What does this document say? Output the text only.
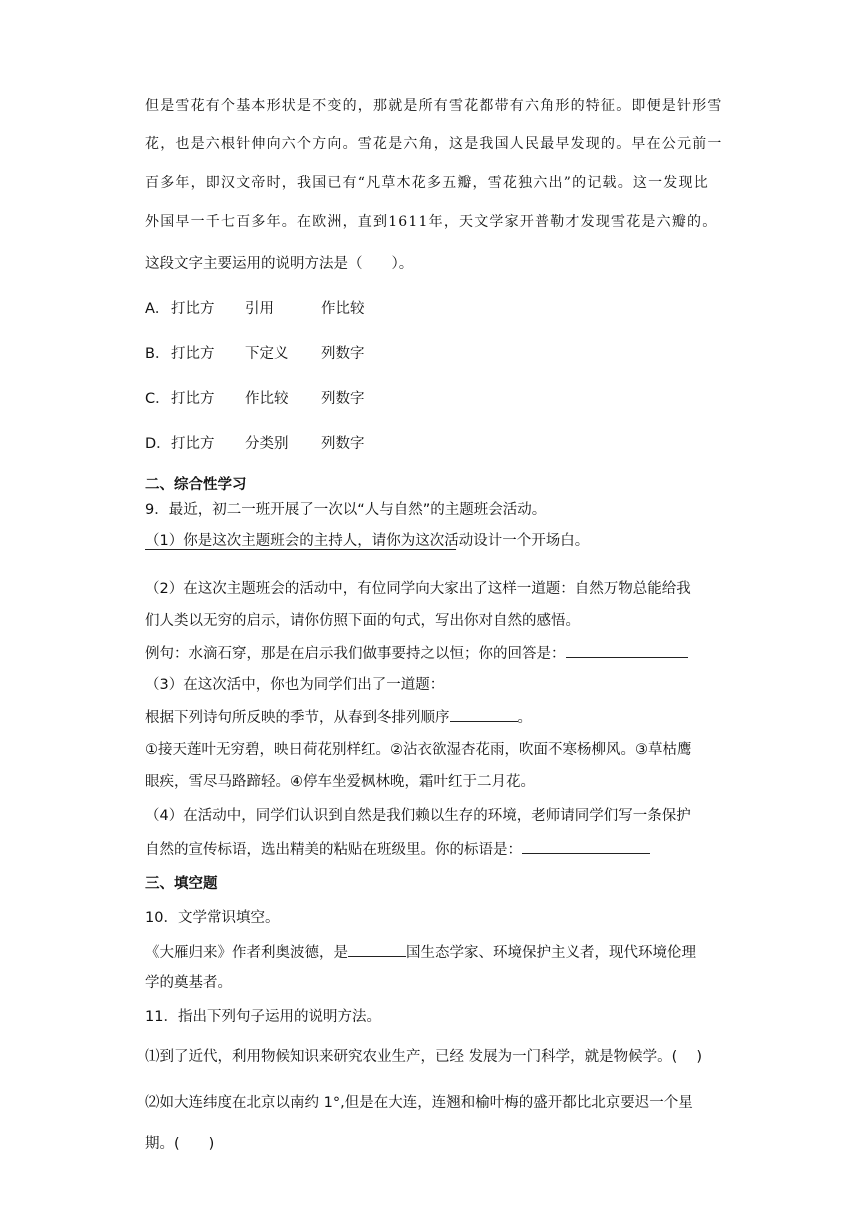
但是雪花有个基本形状是不变的，那就是所有雪花都带有六角形的特征。即便是针形雪
花，也是六根针伸向六个方向。雪花是六角，这是我国人民最早发现的。早在公元前一
百多年，即汉文帝时，我国已有“凡草木花多五瓣，雪花独六出”的记载。这一发现比
外国早一千七百多年。在欧洲，直到1611年，天文学家开普勒才发现雪花是六瓣的。
这段文字主要运用的说明方法是（　　）。
A． 打比方 引用	作比较
B． 打比方 下定义 列数字
C．打比方 作比较 列数字
D．打比方 分类别 列数字
二、综合性学习
9．最近，初二一班开展了一次以“人与自然”的主题班会活动。
（1）你是这次主题班会的主持人，请你为这次活动设计一个开场白。
（2）在这次主题班会的活动中，有位同学向大家出了这样一道题：自然万物总能给我
们人类以无穷的启示，请你仿照下面的句式，写出你对自然的感悟。
例句：水滴石穿，那是在启示我们做事要持之以恒；你的回答是：
（3）在这次活中，你也为同学们出了一道题：
根据下列诗句所反映的季节，从春到冬排列顺序	。
①接天莲叶无穷碧，映日荷花别样红。②沾衣欲湿杏花雨，吹面不寒杨柳风。③草枯鹰
眼疾，雪尽马路蹄轻。④停车坐爱枫林晚，霜叶红于二月花。
（4）在活动中，同学们认识到自然是我们赖以生存的环境，老师请同学们写一条保护
自然的宣传标语，选出精美的粘贴在班级里。你的标语是：
三、填空题
10．文学常识填空。
《大雁归来》作者利奥波德，是	国生态学家、环境保护主义者，现代环境伦理
学的奠基者。
11．指出下列句子运用的说明方法。
⑴到了近代，利用物候知识来研究农业生产，已经 发展为一门科学，就是物候学。(　 )
⑵如大连纬度在北京以南约 1°,但是在大连，连翘和榆叶梅的盛开都比北京要迟一个星
期。(　　)
